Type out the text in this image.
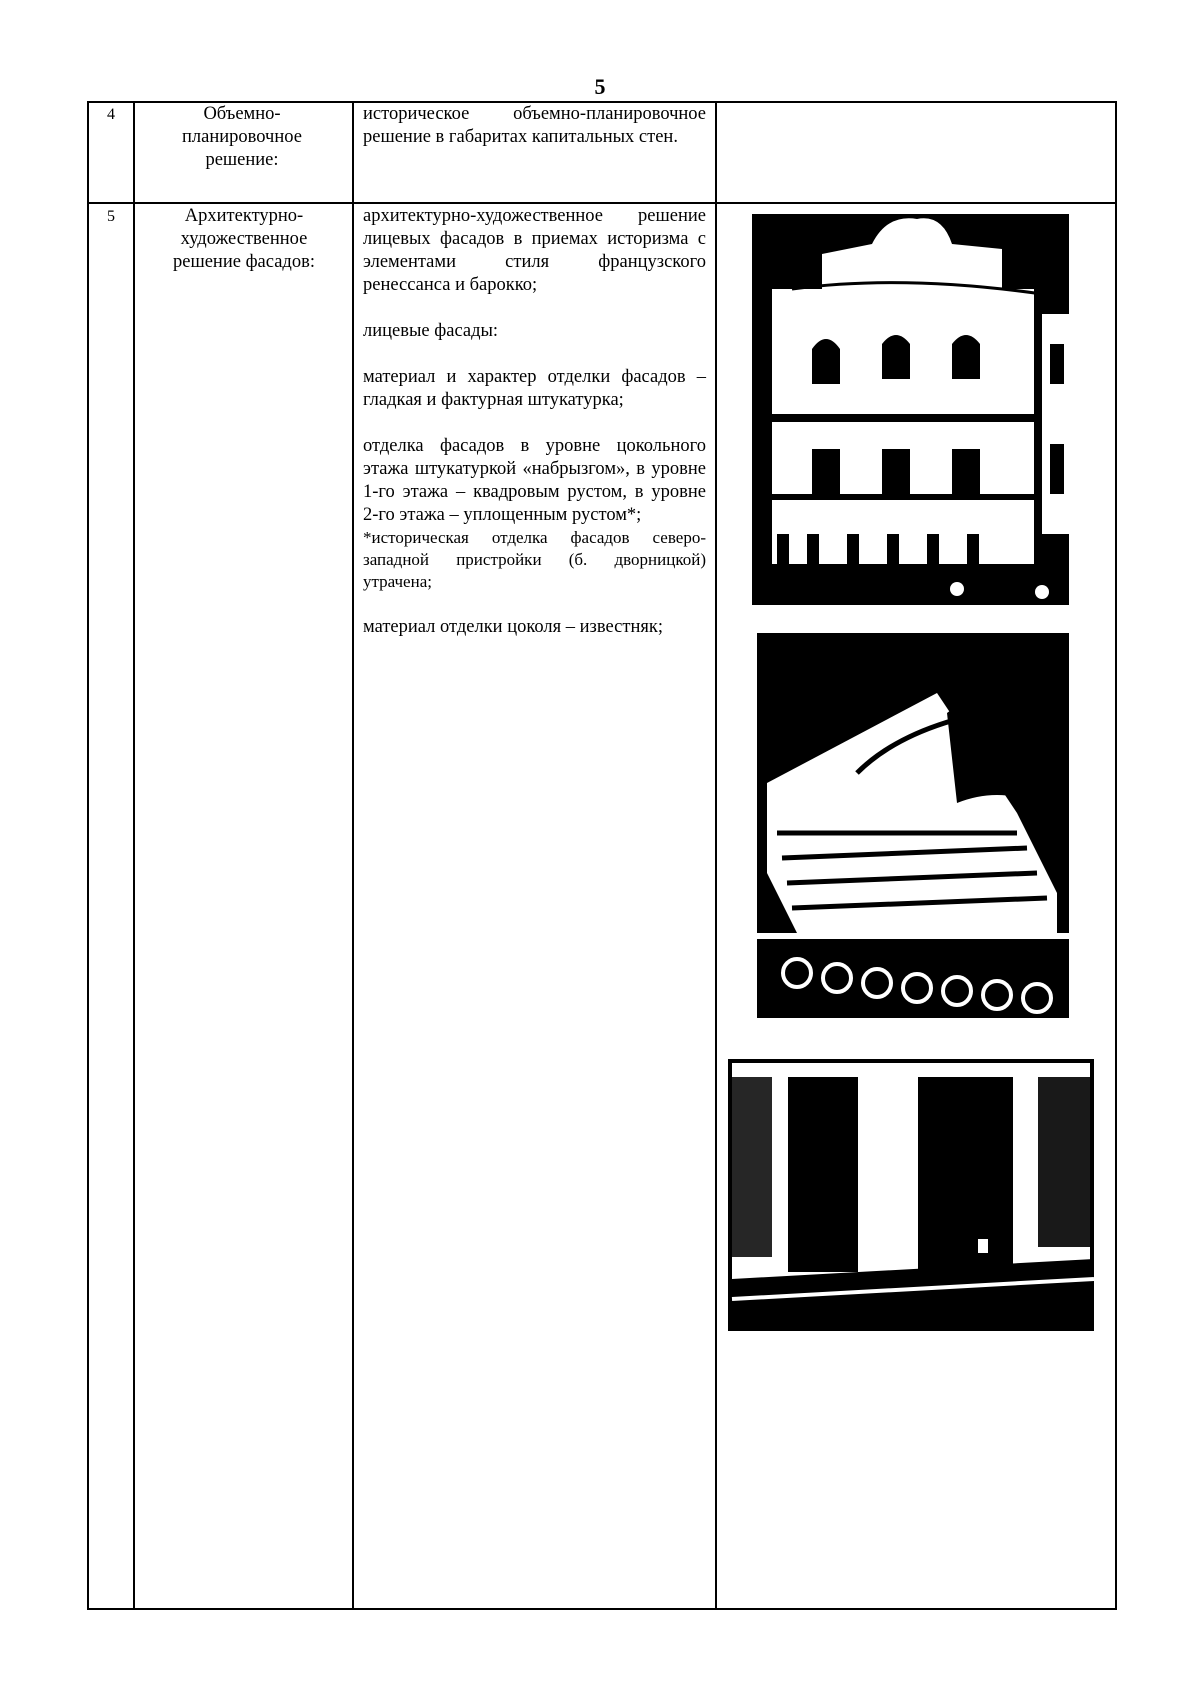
5
4	Объемно-планировочное решение:

историческое объемно-планировочное решение в габаритах капитальных стен.

5	Архитектурно-художественное решение фасадов:

архитектурно-художественное решение лицевых фасадов в приемах историзма с элементами стиля французского ренессанса и барокко;

лицевые фасады:

материал и характер отделки фасадов – гладкая и фактурная штукатурка;

отделка фасадов в уровне цокольного этажа штукатуркой «набрызгом», в уровне 1-го этажа – квадровым рустом, в уровне 2-го этажа – уплощенным рустом*;

*историческая отделка фасадов северо-западной пристройки (б. дворницкой) утрачена;

материал отделки цоколя – известняк;
